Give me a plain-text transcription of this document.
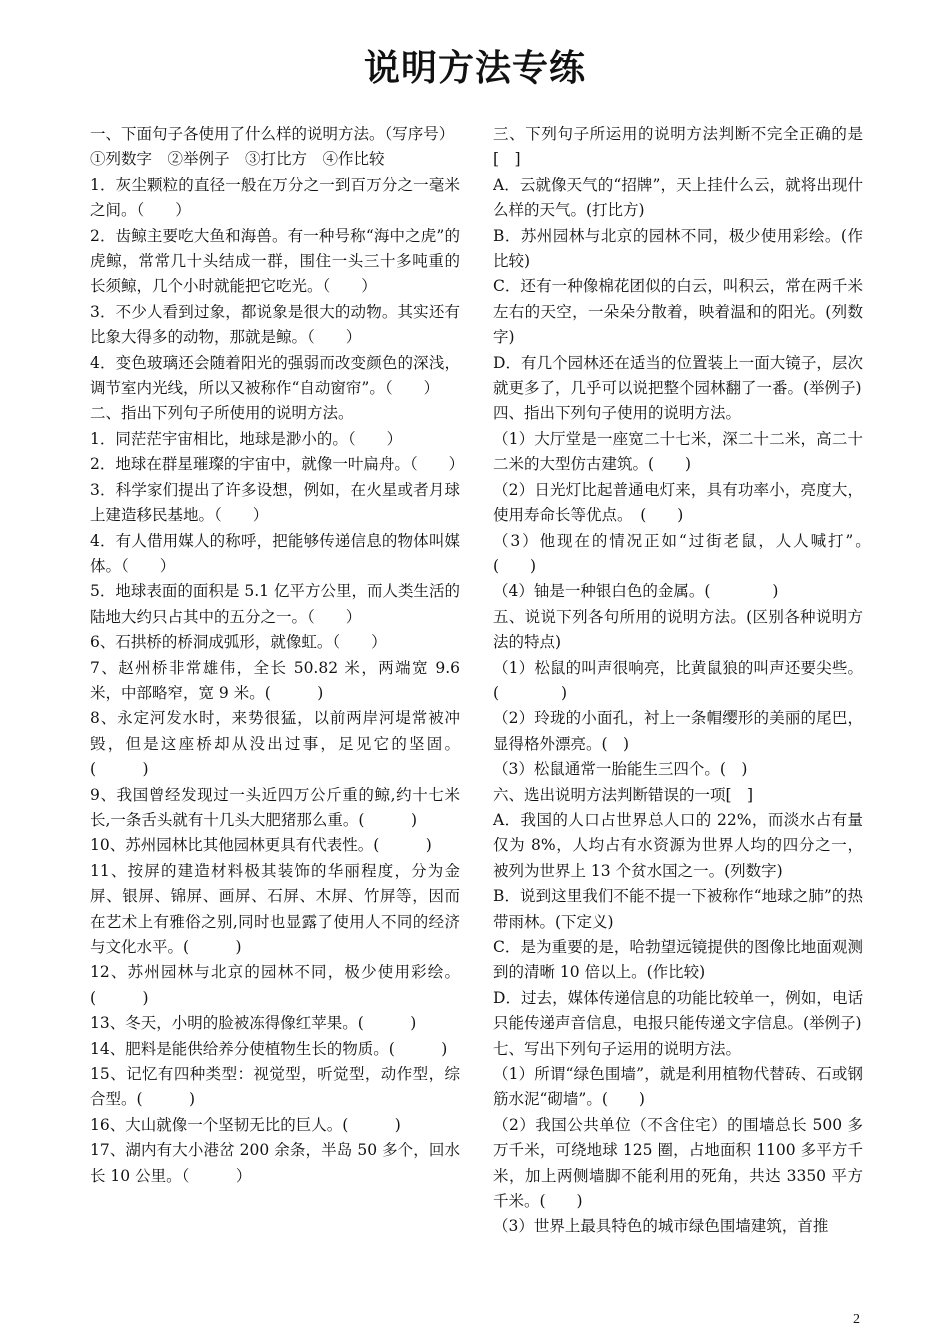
说明方法专练

一、下面句子各使用了什么样的说明方法。（写序号）

①列数字　②举例子　③打比方　④作比较

1．灰尘颗粒的直径一般在万分之一到百万分之一毫米之间。（　　）

2．齿鲸主要吃大鱼和海兽。有一种号称“海中之虎”的虎鲸，常常几十头结成一群，围住一头三十多吨重的长须鲸，几个小时就能把它吃光。（　　）

3．不少人看到过象，都说象是很大的动物。其实还有比象大得多的动物，那就是鲸。（　　）

4．变色玻璃还会随着阳光的强弱而改变颜色的深浅，调节室内光线，所以又被称作“自动窗帘”。（　　）

二、指出下列句子所使用的说明方法。

1．同茫茫宇宙相比，地球是渺小的。（　　）

2．地球在群星璀璨的宇宙中，就像一叶扁舟。（　　）

3．科学家们提出了许多设想，例如，在火星或者月球上建造移民基地。（　　）

4．有人借用媒人的称呼，把能够传递信息的物体叫媒体。（　　）

5．地球表面的面积是 5.1 亿平方公里，而人类生活的陆地大约只占其中的五分之一。（　　）

6、石拱桥的桥洞成弧形，就像虹。（　　）

7、赵州桥非常雄伟，全长 50.82 米，两端宽 9.6 米，中部略窄，宽 9 米。(　　　)

8、永定河发水时，来势很猛，以前两岸河堤常被冲毁，但是这座桥却从没出过事，足见它的坚固。(　　　)

9、我国曾经发现过一头近四万公斤重的鲸,约十七米长,一条舌头就有十几头大肥猪那么重。(　　　)

10、苏州园林比其他园林更具有代表性。(　　　)

11、按屏的建造材料极其装饰的华丽程度，分为金屏、银屏、锦屏、画屏、石屏、木屏、竹屏等，因而在艺术上有雅俗之别,同时也显露了使用人不同的经济与文化水平。(　　　)

12、苏州园林与北京的园林不同，极少使用彩绘。(　　　)

13、冬天，小明的脸被冻得像红苹果。(　　　)

14、肥料是能供给养分使植物生长的物质。(　　　)

15、记忆有四种类型：视觉型，听觉型，动作型，综合型。(　　　)

16、大山就像一个坚韧无比的巨人。(　　　)

17、湖内有大小港岔 200 余条，半岛 50 多个，回水长 10 公里。（　　　）

三、下列句子所运用的说明方法判断不完全正确的是[　]

A．云就像天气的“招牌”，天上挂什么云，就将出现什么样的天气。(打比方)

B．苏州园林与北京的园林不同，极少使用彩绘。(作比较)

C．还有一种像棉花团似的白云，叫积云，常在两千米左右的天空，一朵朵分散着，映着温和的阳光。(列数字)

D．有几个园林还在适当的位置装上一面大镜子，层次就更多了，几乎可以说把整个园林翻了一番。(举例子)

四、指出下列句子使用的说明方法。

（1）大厅堂是一座宽二十七米，深二十二米，高二十二米的大型仿古建筑。(　　)

（2）日光灯比起普通电灯来，具有功率小，亮度大，使用寿命长等优点。　(　　)

（3）他现在的情况正如“过街老鼠，人人喊打”。　　　　(　　)

（4）铀是一种银白色的金属。(　　　　)

五、说说下列各句所用的说明方法。(区别各种说明方法的特点)

（1）松鼠的叫声很响亮，比黄鼠狼的叫声还要尖些。(　　　　)

（2）玲珑的小面孔，衬上一条帽缨形的美丽的尾巴，显得格外漂亮。(　)

（3）松鼠通常一胎能生三四个。(　)

六、选出说明方法判断错误的一项[　]

A．我国的人口占世界总人口的 22%，而淡水占有量仅为 8%，人均占有水资源为世界人均的四分之一，被列为世界上 13 个贫水国之一。(列数字)

B．说到这里我们不能不提一下被称作“地球之肺”的热带雨林。(下定义)

C．是为重要的是，哈勃望远镜提供的图像比地面观测到的清晰 10 倍以上。(作比较)

D．过去，媒体传递信息的功能比较单一，例如，电话只能传递声音信息，电报只能传递文字信息。(举例子)

七、写出下列句子运用的说明方法。

（1）所谓“绿色围墙”，就是利用植物代替砖、石或钢筋水泥“砌墙”。(　　)

（2）我国公共单位（不含住宅）的围墙总长 500 多万千米，可绕地球 125 圈，占地面积 1100 多平方千米，加上两侧墙脚不能利用的死角，共达 3350 平方千米。(　　)

（3）世界上最具特色的城市绿色围墙建筑，首推

2
